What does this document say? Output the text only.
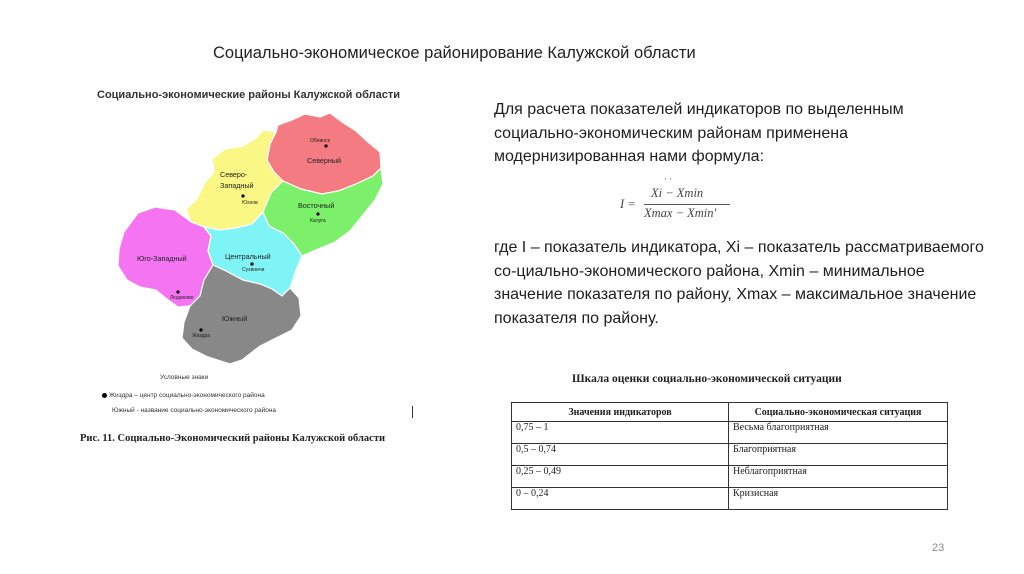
Социально-экономическое районирование Калужской области
Обнинск
Юхнов
Калуга
Сухиничи
Людиново
Жиздра
Северный
Северо-
Западный
Восточный
Юго-Западный	Центральный
Южный
Социально-экономические районы Калужской области
Условные знаки
Жиздра – центр социально-экономического района
Южный - название социально-экономического района
Рис. 11. Социально-Экономический районы Калужской области
Для расчета показателей индикаторов по выделенным социально-экономическим районам применена модернизированная нами формула:
· ·
I =
Xi − Xmin
Xmax − Xmin'
где I – показатель индикатора, Xi – показатель рассматриваемого со-циально-экономического района, Xmin – минимальное значение показателя по району, Xmax – максимальное значение показателя по району.
Шкала оценки социально-экономической ситуации
Значения индикаторов	Социально-экономическая ситуация
0,75 – 1	Весьма благоприятная
0,5 – 0,74	Благоприятная
0,25 – 0,49	Неблагоприятная
0 – 0,24	Кризисная
23
